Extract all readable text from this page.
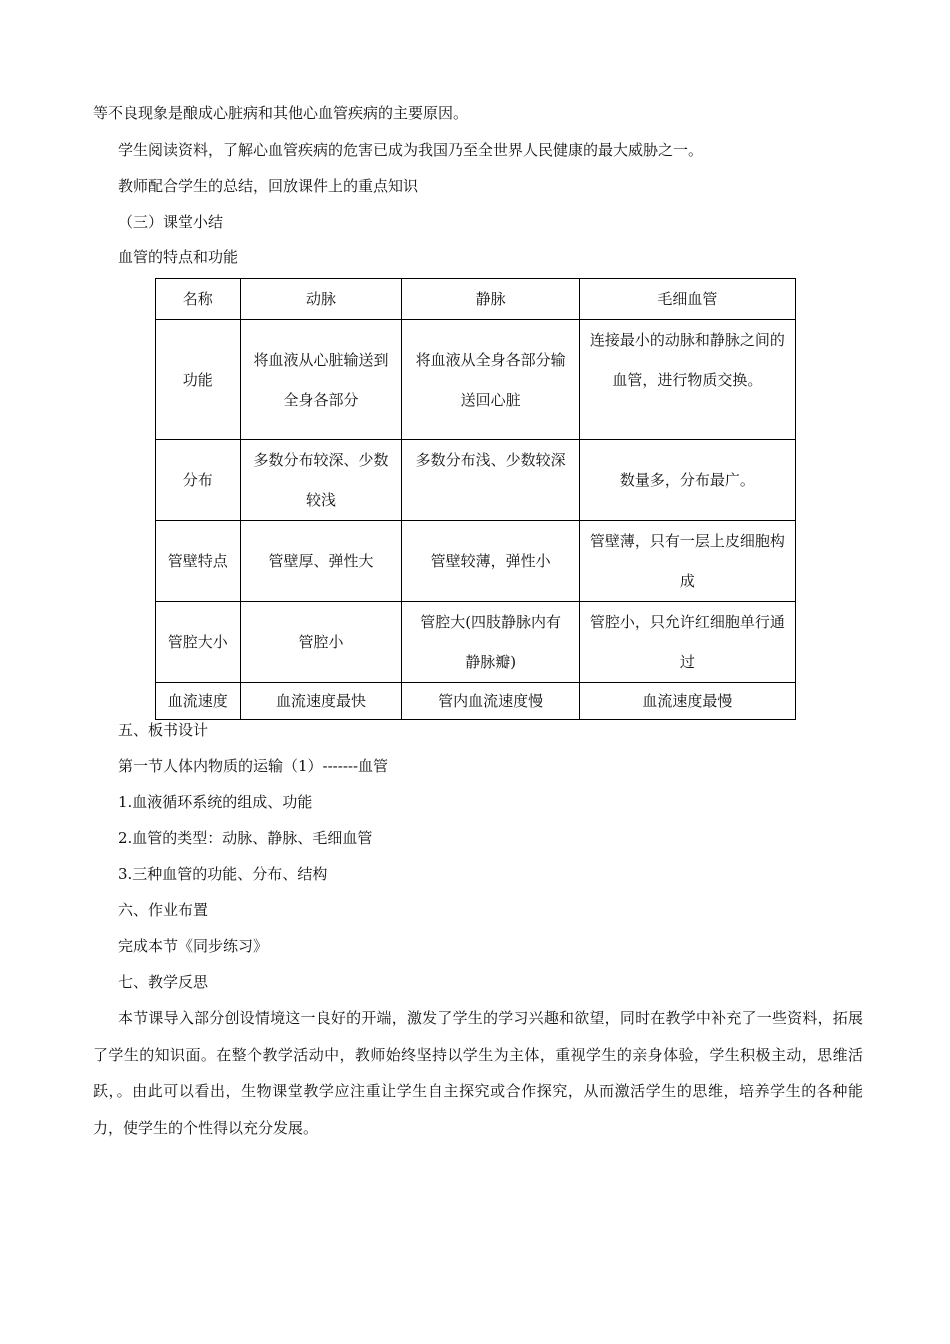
等不良现象是酿成心脏病和其他心血管疾病的主要原因。
学生阅读资料，了解心血管疾病的危害已成为我国乃至全世界人民健康的最大威胁之一。
教师配合学生的总结，回放课件上的重点知识
（三）课堂小结
血管的特点和功能
名称	动脉	静脉	毛细血管
功能	将血液从心脏输送到全身各部分	将血液从全身各部分输送回心脏	连接最小的动脉和静脉之间的血管，进行物质交换。
分布	多数分布较深、少数较浅	多数分布浅、少数较深	数量多，分布最广。
管壁特点	管壁厚、弹性大	管壁较薄，弹性小	管壁薄，只有一层上皮细胞构成
管腔大小	管腔小	管腔大(四肢静脉内有静脉瓣)	管腔小，只允许红细胞单行通过
血流速度	血流速度最快	管内血流速度慢	血流速度最慢
五、板书设计
第一节人体内物质的运输（1）-------血管
1.血液循环系统的组成、功能
2.血管的类型：动脉、静脉、毛细血管
3.三种血管的功能、分布、结构
六、作业布置
完成本节《同步练习》
七、教学反思
本节课导入部分创设情境这一良好的开端，激发了学生的学习兴趣和欲望，同时在教学中补充了一些资料，拓展了学生的知识面。在整个教学活动中，教师始终坚持以学生为主体，重视学生的亲身体验，学生积极主动，思维活跃，。由此可以看出，生物课堂教学应注重让学生自主探究或合作探究，从而激活学生的思维，培养学生的各种能力，使学生的个性得以充分发展。
